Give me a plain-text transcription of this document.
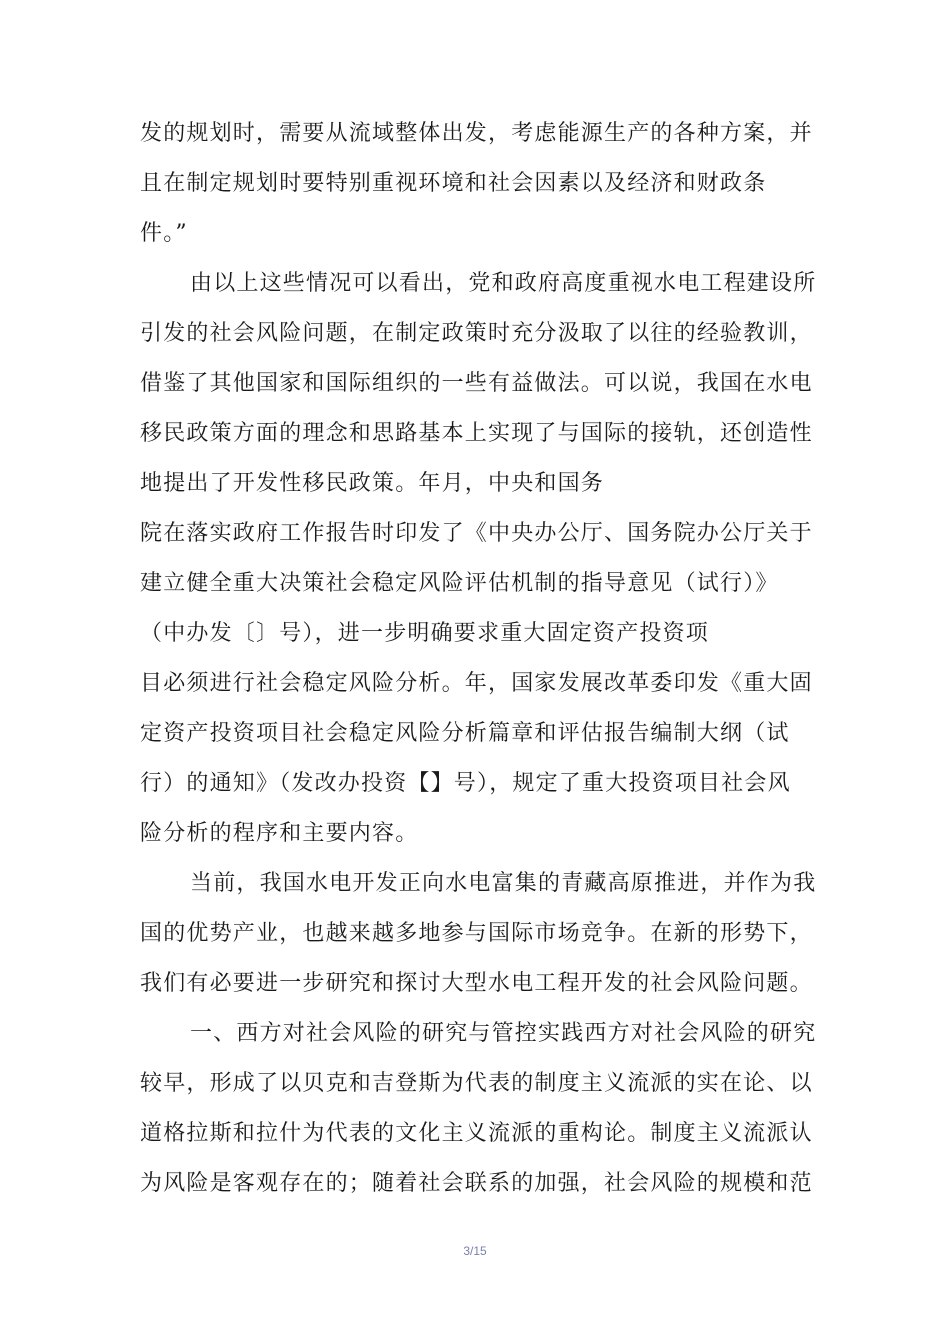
发的规划时，需要从流域整体出发，考虑能源生产的各种方案，并
且在制定规划时要特别重视环境和社会因素以及经济和财政条
件。”
由以上这些情况可以看出，党和政府高度重视水电工程建设所
引发的社会风险问题，在制定政策时充分汲取了以往的经验教训，
借鉴了其他国家和国际组织的一些有益做法。可以说，我国在水电
移民政策方面的理念和思路基本上实现了与国际的接轨，还创造性
地提出了开发性移民政策。年月，中央和国务
院在落实政府工作报告时印发了《中央办公厅、国务院办公厅关于
建立健全重大决策社会稳定风险评估机制的指导意见（试行）》
（中办发〔〕号），进一步明确要求重大固定资产投资项
目必须进行社会稳定风险分析。年，国家发展改革委印发《重大固
定资产投资项目社会稳定风险分析篇章和评估报告编制大纲（试
行）的通知》（发改办投资【】号），规定了重大投资项目社会风
险分析的程序和主要内容。
当前，我国水电开发正向水电富集的青藏高原推进，并作为我
国的优势产业，也越来越多地参与国际市场竞争。在新的形势下，
我们有必要进一步研究和探讨大型水电工程开发的社会风险问题。
一、西方对社会风险的研究与管控实践西方对社会风险的研究
较早，形成了以贝克和吉登斯为代表的制度主义流派的实在论、以
道格拉斯和拉什为代表的文化主义流派的重构论。制度主义流派认
为风险是客观存在的；随着社会联系的加强，社会风险的规模和范
3/15
